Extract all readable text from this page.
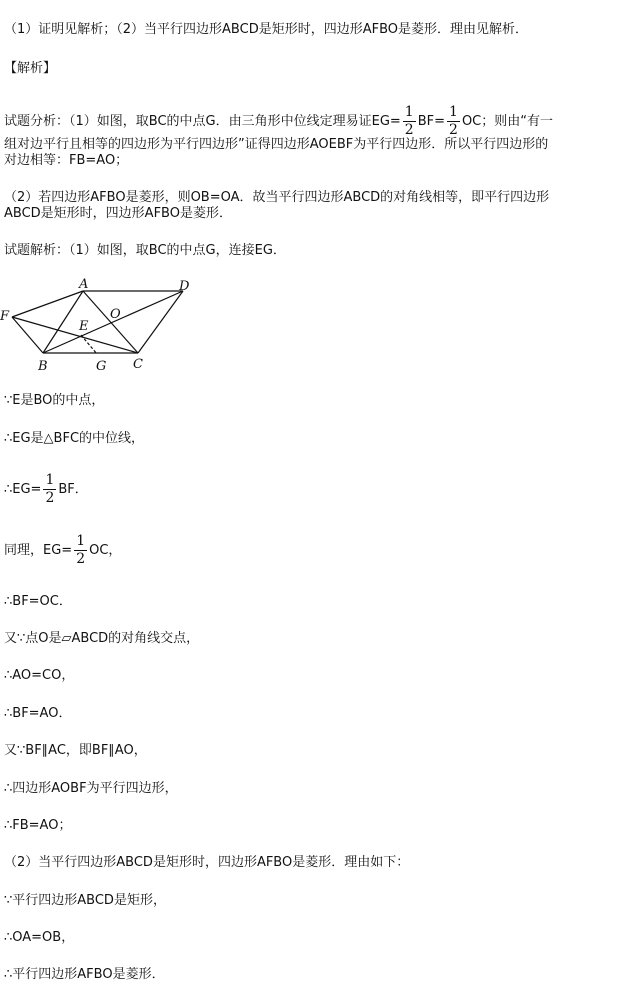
（1）证明见解析；（2）当平行四边形ABCD是矩形时，四边形AFBO是菱形．理由见解析．
【解析】
试题分析：（1）如图，取BC的中点G．由三角形中位线定理易证$EG= \frac{1}{2} BF= \frac{1}{2}$ OC；则由“有一
组对边平行且相等的四边形为平行四边形”证得四边形AOEBF为平行四边形．所以平行四边形的
对边相等：FB=AO；
（2）若四边形AFBO是菱形，则OB=OA．故当平行四边形ABCD的对角线相等，即平行四边形
ABCD是矩形时，四边形AFBO是菱形．
试题解析：（1）如图，取BC的中点G，连接EG．
F
A	D
O
E
B	G C
∵E是BO的中点，
∴EG是△BFC的中位线，
∴EG= $\frac{1}{2}$ BF．
同理，$EG= \frac{1}{2}$ OC，
∴BF=OC．
又∵点O是▱ABCD的对角线交点，
∴AO=CO，
∴BF=AO．
又∵BF∥AC，即BF∥AO，
∴四边形AOBF为平行四边形，
∴FB=AO；
（2）当平行四边形ABCD是矩形时，四边形AFBO是菱形．理由如下：
∵平行四边形ABCD是矩形，
∴OA=OB，
∴平行四边形AFBO是菱形．
